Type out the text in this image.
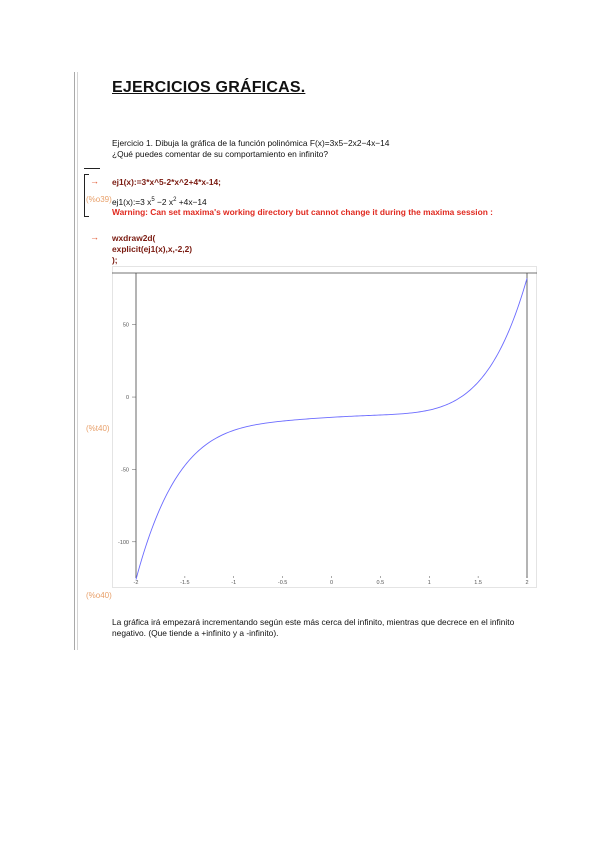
EJERCICIOS GRÁFICAS.
Ejercicio 1. Dibuja la gráfica de la función polinómica F(x)=3x5−2x2−4x−14
¿Qué puedes comentar de su comportamiento en infinito?
→ ej1(x):=3*x^5-2*x^2+4*x-14;
(%o39) ej1(x):=3 $x^5 -2$ $x^2 +4x-14$
Warning: Can set maxima's working directory but cannot change it during the maxima session :
→ wxdraw2d(
explicit(ej1(x),x,-2,2)
);
(%t40)
-2	-1.5	-1	-0.5	0	0.5	1	1.5	2
50
0
-50
-100
(%o40)
La gráfica irá empezará incrementando según este más cerca del infinito, mientras que decrece en el infinito
negativo. (Que tiende a +infinito y a -infinito).
